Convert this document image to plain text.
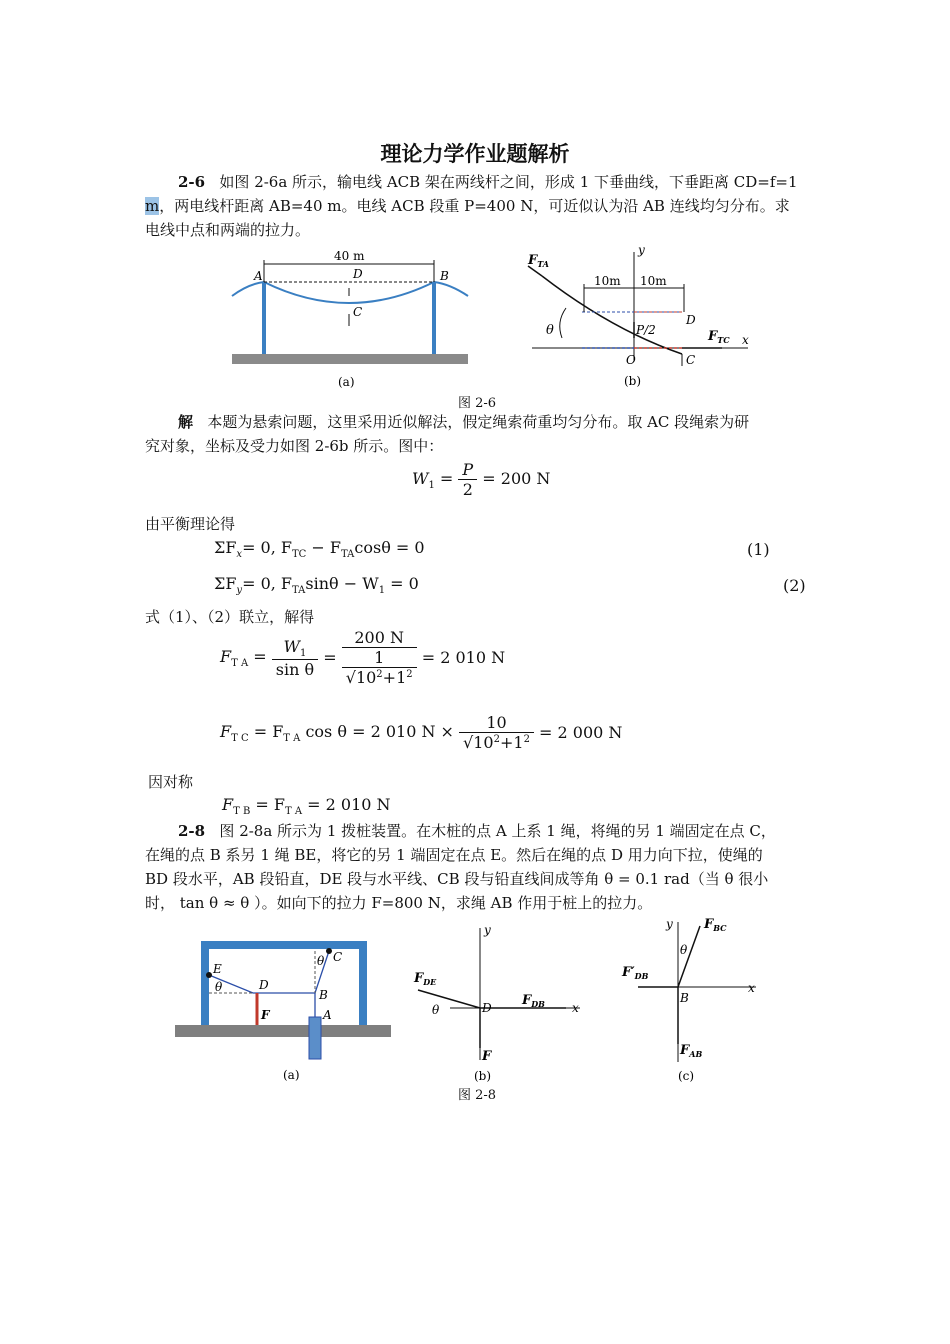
理论力学作业题解析
2-6 如图 2-6a 所示，输电线 ACB 架在两线杆之间，形成 1 下垂曲线，下垂距离 CD=f=1
m，两电线杆距离 AB=40 m。电线 ACB 段重 P=400 N，可近似认为沿 AB 连线均匀分布。求
电线中点和两端的拉力。
40 m
A	B
D
C
(a)
$F_{TA}$
y
x
10m 10m
D
C
O
P/2	$F_{TC}$
θ
(b)
图 2-6
解 本题为悬索问题，这里采用近似解法，假定绳索荷重均匀分布。取 AC 段绳索为研
究对象，坐标及受力如图 2-6b 所示。图中：
$W_1 = \frac{P}{2} = 200$ N
由平衡理论得
$\Sigma F_x= 0$, $F_{TC} - F_{TA}\cos\theta = 0$	(1)
$\Sigma F_y= 0$, $F_{TA}\sin\theta - W_1 = 0$	(2)
式（1）、（2）联立，解得
$F_{T A} = \frac{W_1}{\text{sin θ}} = \frac{200 N}{\frac{1}{√10^2+1^2}} = 2$ 010 N
$F_{T C} = F_{T A}$ cos θ = 2 010 $N \times \frac{10}{√10^2+1^2} = 2$ 000 N
因对称
$F_{T B} = F_{T A} = 2$ 010 N
2-8 图 2-8a 所示为 1 拨桩装置。在木桩的点 A 上系 1 绳，将绳的另 1 端固定在点 C，
在绳的点 B 系另 1 绳 BE，将它的另 1 端固定在点 E。然后在绳的点 D 用力向下拉，使绳的
BD 段水平，AB 段铅直，DE 段与水平线、CB 段与铅直线间成等角 θ = 0.1 rad（当 θ 很小
时， tan θ ≈ θ ）。如向下的拉力 F=800 N，求绳 AB 作用于桩上的拉力。
E
D
B
C
A
F
θ
θ
(a)
y
x
$F_{DE}$
$F_{DB}$
D
F
θ
(b)
y
x
$F_{BC}$
$F'_{DB}$
B
$F_{AB}$
θ
(c)
图 2-8
